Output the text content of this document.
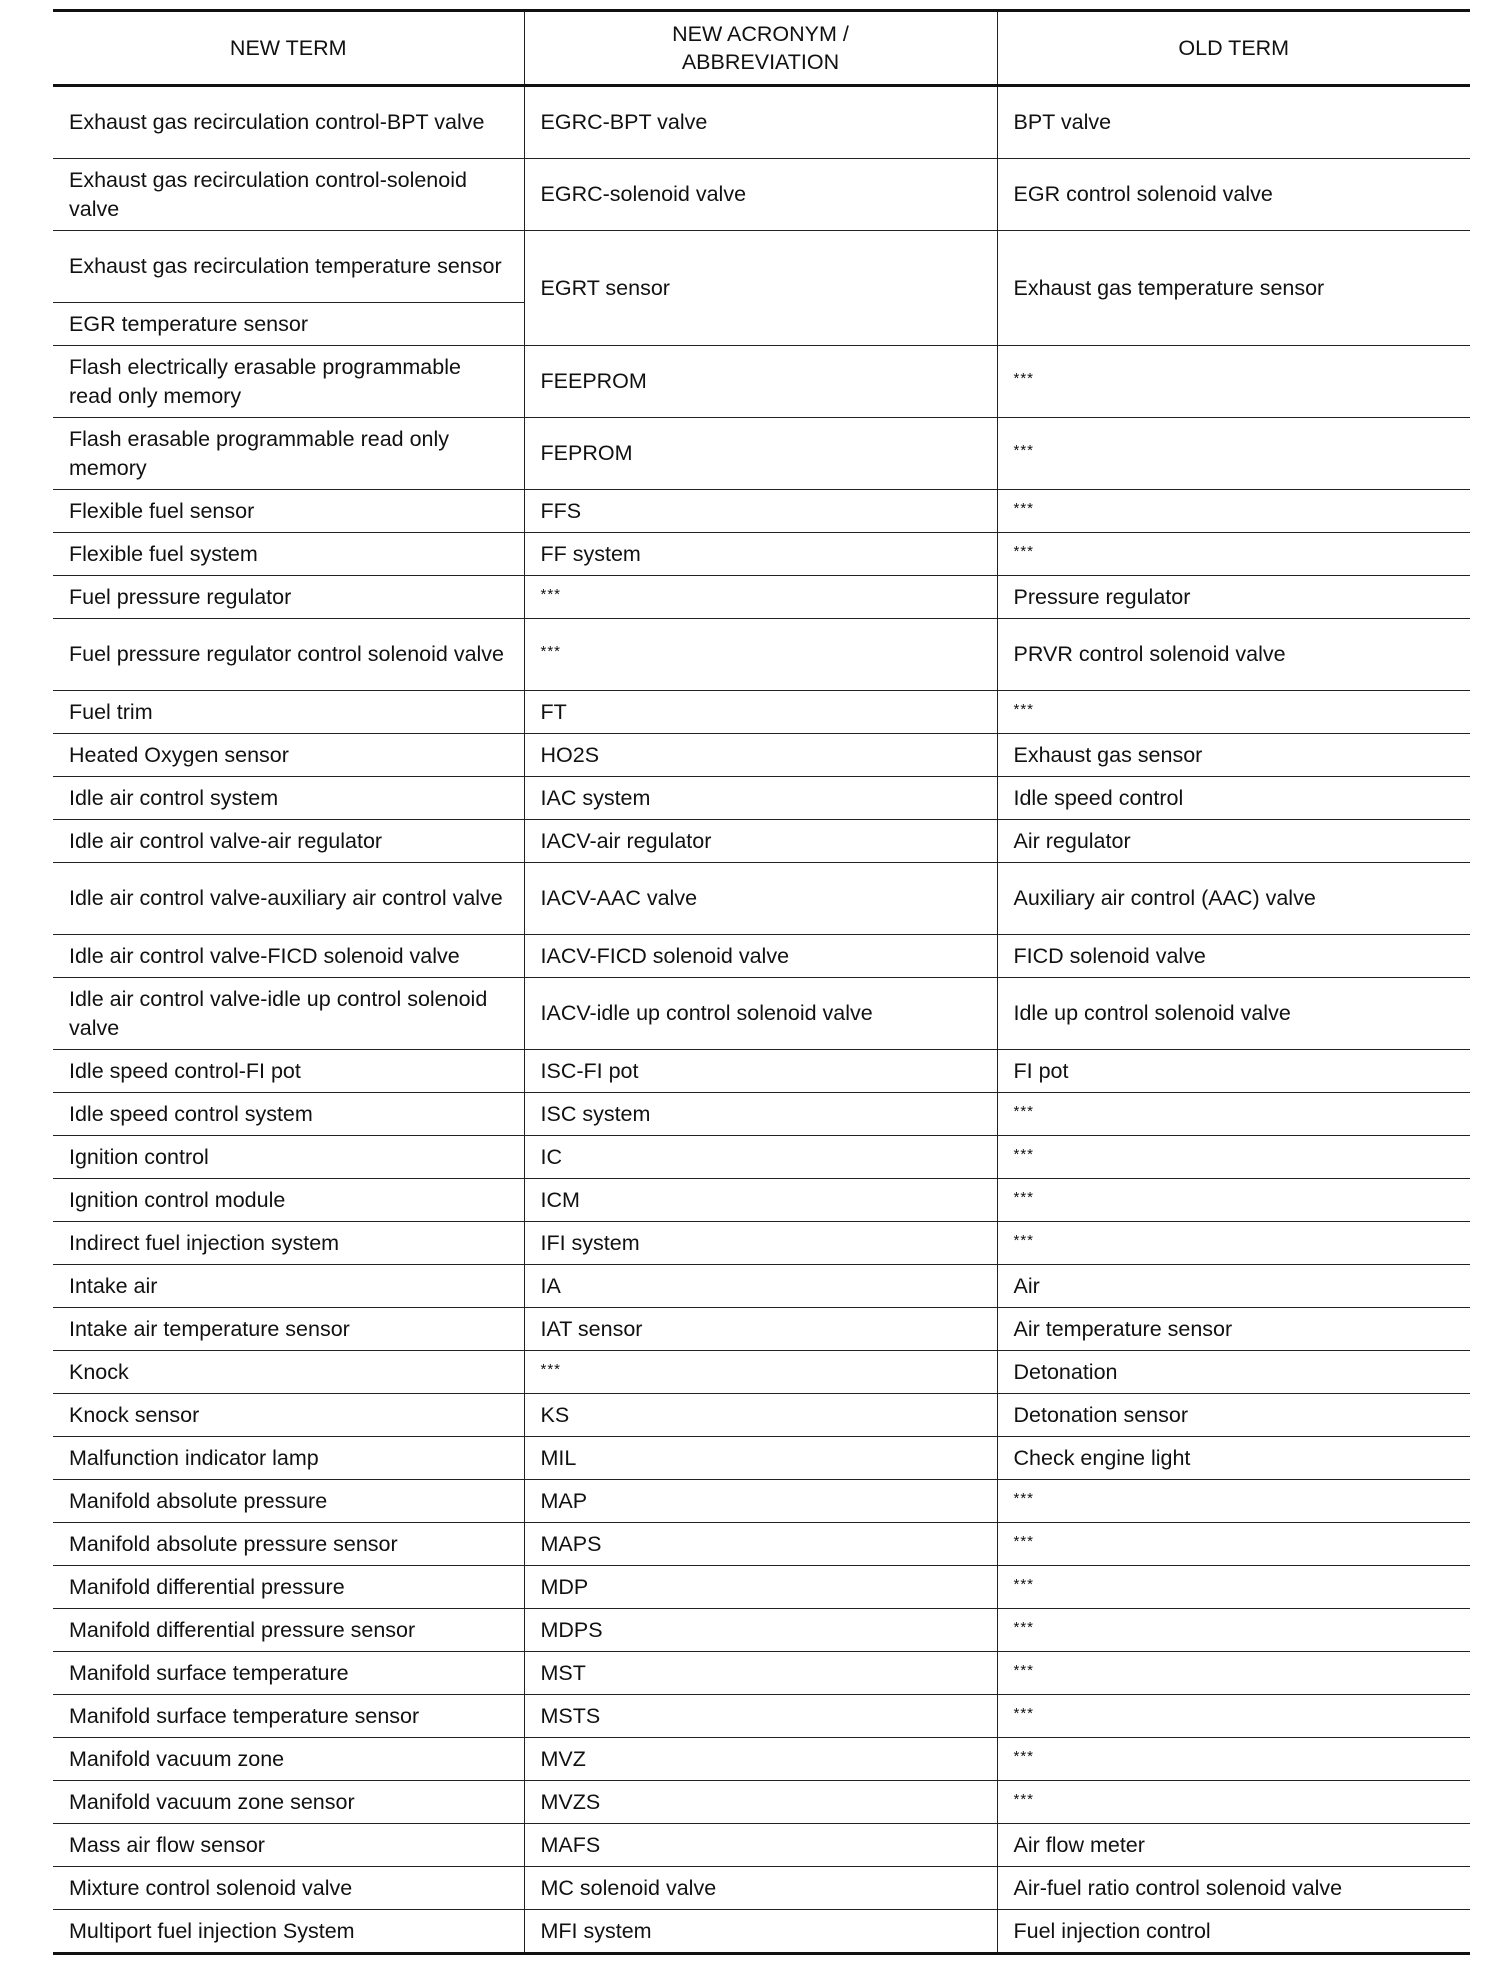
NEW TERM	NEW ACRONYM / ABBREVIATION	OLD TERM
Exhaust gas recirculation control-BPT valve	EGRC-BPT valve	BPT valve
Exhaust gas recirculation control-solenoid valve	EGRC-solenoid valve	EGR control solenoid valve
Exhaust gas recirculation temperature sensor	EGRT sensor	Exhaust gas temperature sensor
EGR temperature sensor		
Flash electrically erasable programmable read only memory	FEEPROM	***
Flash erasable programmable read only memory	FEPROM	***
Flexible fuel sensor	FFS	***
Flexible fuel system	FF system	***
Fuel pressure regulator	***	Pressure regulator
Fuel pressure regulator control solenoid valve	***	PRVR control solenoid valve
Fuel trim	FT	***
Heated Oxygen sensor	HO2S	Exhaust gas sensor
Idle air control system	IAC system	Idle speed control
Idle air control valve-air regulator	IACV-air regulator	Air regulator
Idle air control valve-auxiliary air control valve	IACV-AAC valve	Auxiliary air control (AAC) valve
Idle air control valve-FICD solenoid valve	IACV-FICD solenoid valve	FICD solenoid valve
Idle air control valve-idle up control solenoid valve	IACV-idle up control solenoid valve	Idle up control solenoid valve
Idle speed control-FI pot	ISC-FI pot	FI pot
Idle speed control system	ISC system	***
Ignition control	IC	***
Ignition control module	ICM	***
Indirect fuel injection system	IFI system	***
Intake air	IA	Air
Intake air temperature sensor	IAT sensor	Air temperature sensor
Knock	***	Detonation
Knock sensor	KS	Detonation sensor
Malfunction indicator lamp	MIL	Check engine light
Manifold absolute pressure	MAP	***
Manifold absolute pressure sensor	MAPS	***
Manifold differential pressure	MDP	***
Manifold differential pressure sensor	MDPS	***
Manifold surface temperature	MST	***
Manifold surface temperature sensor	MSTS	***
Manifold vacuum zone	MVZ	***
Manifold vacuum zone sensor	MVZS	***
Mass air flow sensor	MAFS	Air flow meter
Mixture control solenoid valve	MC solenoid valve	Air-fuel ratio control solenoid valve
Multiport fuel injection System	MFI system	Fuel injection control
